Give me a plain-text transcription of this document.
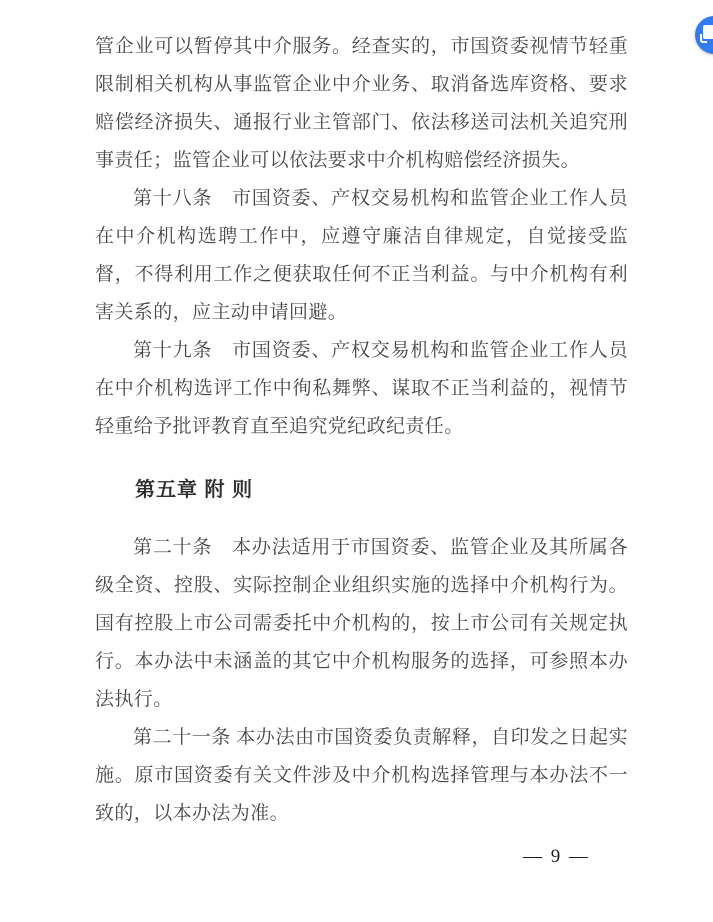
管企业可以暂停其中介服务。经查实的，市国资委视情节轻重限制相关机构从事监管企业中介业务、取消备选库资格、要求赔偿经济损失、通报行业主管部门、依法移送司法机关追究刑事责任；监管企业可以依法要求中介机构赔偿经济损失。

第十八条　市国资委、产权交易机构和监管企业工作人员在中介机构选聘工作中，应遵守廉洁自律规定，自觉接受监督，不得利用工作之便获取任何不正当利益。与中介机构有利害关系的，应主动申请回避。

第十九条　市国资委、产权交易机构和监管企业工作人员在中介机构选评工作中徇私舞弊、谋取不正当利益的，视情节轻重给予批评教育直至追究党纪政纪责任。

第五章 附 则

第二十条　本办法适用于市国资委、监管企业及其所属各级全资、控股、实际控制企业组织实施的选择中介机构行为。国有控股上市公司需委托中介机构的，按上市公司有关规定执行。本办法中未涵盖的其它中介机构服务的选择，可参照本办法执行。

第二十一条 本办法由市国资委负责解释，自印发之日起实施。原市国资委有关文件涉及中介机构选择管理与本办法不一致的，以本办法为准。

— 9 —
